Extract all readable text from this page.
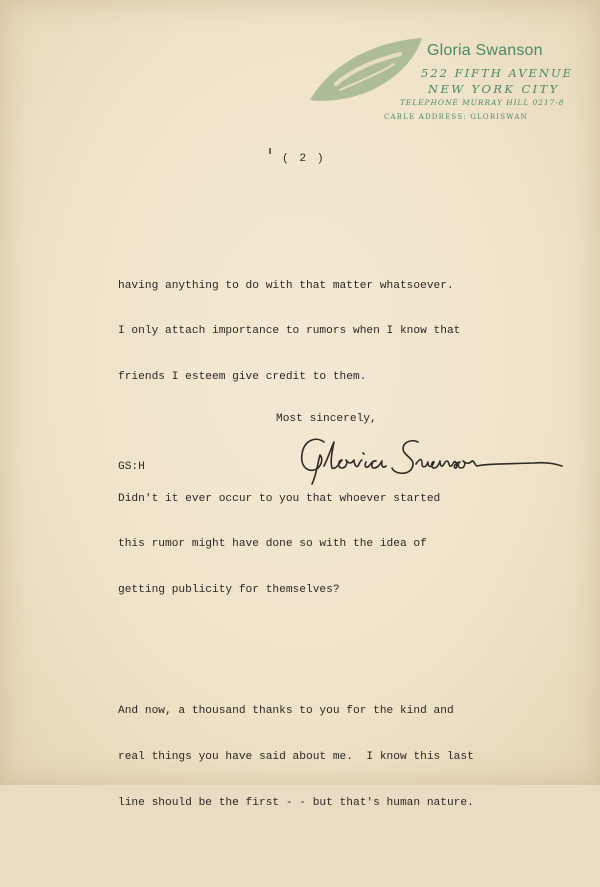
Gloria Swanson
522 FIFTH AVENUE
NEW YORK CITY
TELEPHONE MURRAY HILL 0217-8
CABLE ADDRESS: GLORISWAN
( 2 )

having anything to do with that matter whatsoever.

I only attach importance to rumors when I know that

friends I esteem give credit to them.

Didn't it ever occur to you that whoever started

this rumor might have done so with the idea of

getting publicity for themselves?

And now, a thousand thanks to you for the kind and

real things you have said about me.  I know this last

line should be the first - - but that's human nature.

Most sincerely,
GS:H
